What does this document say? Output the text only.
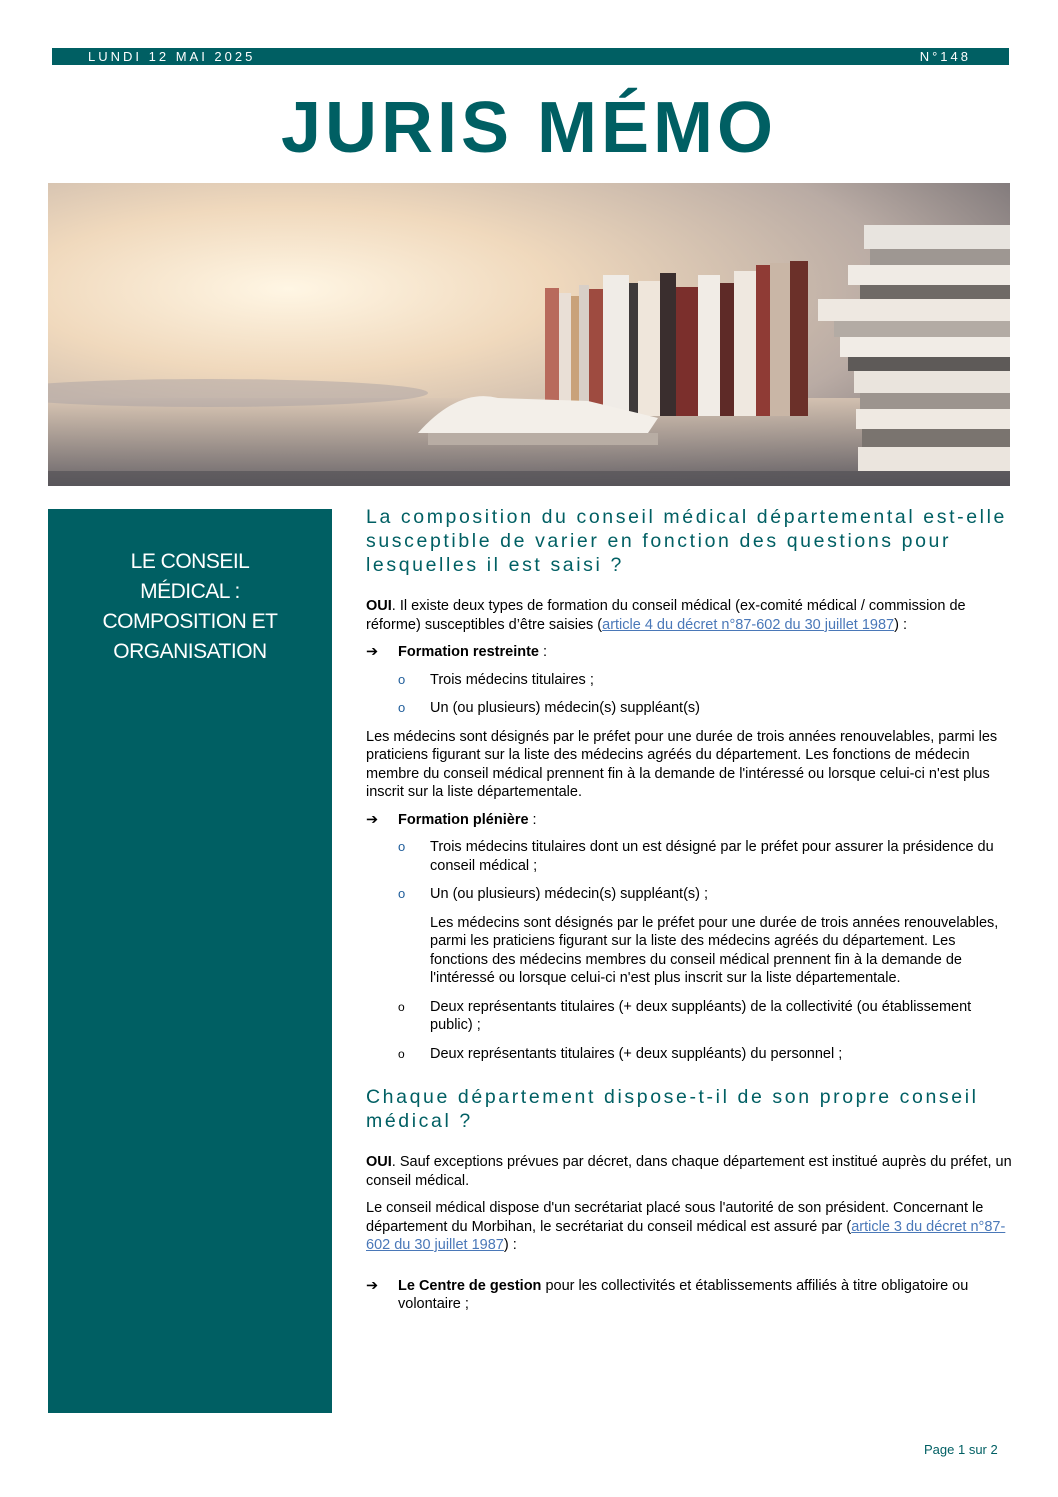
LUNDI 12 MAI 2025	N°148
JURIS MÉMO
LE CONSEIL
MÉDICAL :
COMPOSITION ET
ORGANISATION
La composition du conseil médical départemental est-elle susceptible de varier en fonction des questions pour lesquelles il est saisi ?

OUI. Il existe deux types de formation du conseil médical (ex-comité médical / commission de réforme) susceptibles d’être saisies (article 4 du décret n°87-602 du 30 juillet 1987) :

➔ Formation restreinte :
o Trois médecins titulaires ;
o Un (ou plusieurs) médecin(s) suppléant(s)

Les médecins sont désignés par le préfet pour une durée de trois années renouvelables, parmi les praticiens figurant sur la liste des médecins agréés du département. Les fonctions de médecin membre du conseil médical prennent fin à la demande de l'intéressé ou lorsque celui-ci n'est plus inscrit sur la liste départementale.

➔ Formation plénière :
o Trois médecins titulaires dont un est désigné par le préfet pour assurer la présidence du conseil médical ;
o Un (ou plusieurs) médecin(s) suppléant(s) ;
Les médecins sont désignés par le préfet pour une durée de trois années renouvelables, parmi les praticiens figurant sur la liste des médecins agréés du département. Les fonctions des médecins membres du conseil médical prennent fin à la demande de l'intéressé ou lorsque celui-ci n'est plus inscrit sur la liste départementale.
o Deux représentants titulaires (+ deux suppléants) de la collectivité (ou établissement public) ;
o Deux représentants titulaires (+ deux suppléants) du personnel ;
Chaque département dispose-t-il de son propre conseil médical ?

OUI. Sauf exceptions prévues par décret, dans chaque département est institué auprès du préfet, un conseil médical.

Le conseil médical dispose d'un secrétariat placé sous l'autorité de son président. Concernant le département du Morbihan, le secrétariat du conseil médical est assuré par (article 3 du décret n°87-602 du 30 juillet 1987) :

➔ Le Centre de gestion pour les collectivités et établissements affiliés à titre obligatoire ou volontaire ;
Page 1 sur 2
